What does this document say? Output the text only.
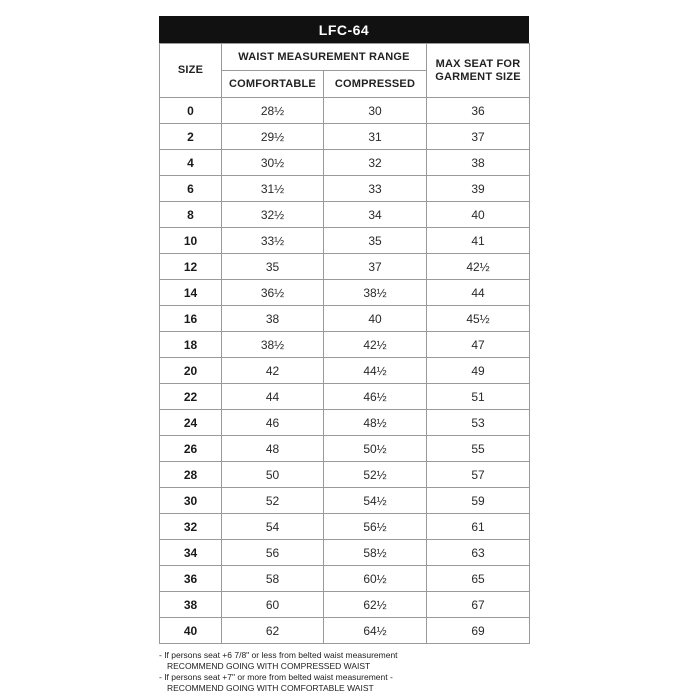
LFC-64
SIZE	WAIST MEASUREMENT RANGE		MAX SEAT FOR
GARMENT SIZE
	COMFORTABLE	COMPRESSED	
0	28½	30	36
2	29½	31	37
4	30½	32	38
6	31½	33	39
8	32½	34	40
10	33½	35	41
12	35	37	42½
14	36½	38½	44
16	38	40	45½
18	38½	42½	47
20	42	44½	49
22	44	46½	51
24	46	48½	53
26	48	50½	55
28	50	52½	57
30	52	54½	59
32	54	56½	61
34	56	58½	63
36	58	60½	65
38	60	62½	67
40	62	64½	69
- If persons seat +6 7/8" or less from belted waist measurement
RECOMMEND GOING WITH COMPRESSED WAIST
- If persons seat +7" or more from belted waist measurement -
RECOMMEND GOING WITH COMFORTABLE WAIST
